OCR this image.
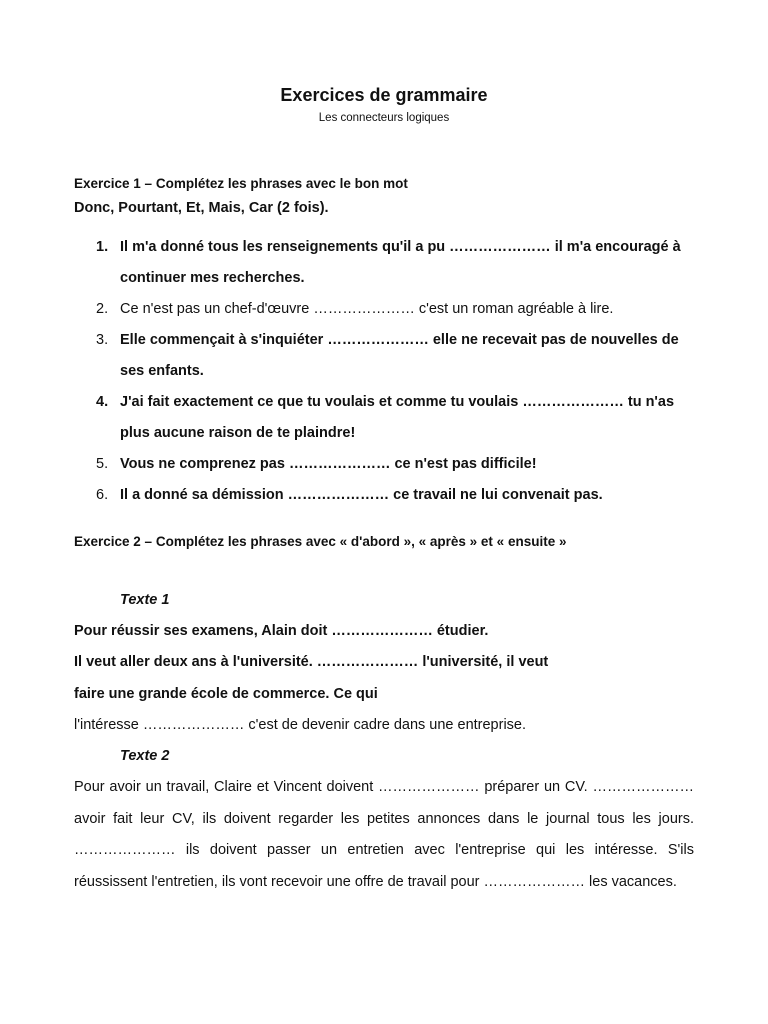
Exercices de grammaire
Les connecteurs logiques
Exercice 1 – Complétez les phrases avec le bon mot
Donc, Pourtant, Et, Mais, Car (2 fois).
1. Il m'a donné tous les renseignements qu'il a pu ………………… il m'a encouragé à continuer mes recherches.
2. Ce n'est pas un chef-d'œuvre ………………… c'est un roman agréable à lire.
3. Elle commençait à s'inquiéter ………………… elle ne recevait pas de nouvelles de ses enfants.
4. J'ai fait exactement ce que tu voulais et comme tu voulais ………………… tu n'as plus aucune raison de te plaindre!
5. Vous ne comprenez pas ………………… ce n'est pas difficile!
6. Il a donné sa démission ………………… ce travail ne lui convenait pas.
Exercice 2 – Complétez les phrases avec « d'abord », « après » et « ensuite »
Texte 1
Pour réussir ses examens, Alain doit ………………… étudier.
Il veut aller deux ans à l'université. ………………… l'université, il veut
faire une grande école de commerce. Ce qui
l'intéresse ………………… c'est de devenir cadre dans une entreprise.
Texte 2

Pour avoir un travail, Claire et Vincent doivent ………………… préparer un CV. ………………… avoir fait leur CV, ils doivent regarder les petites annonces dans le journal tous les jours. ………………… ils doivent passer un entretien avec l'entreprise qui les intéresse. S'ils réussissent l'entretien, ils vont recevoir une offre de travail pour ………………… les vacances.
